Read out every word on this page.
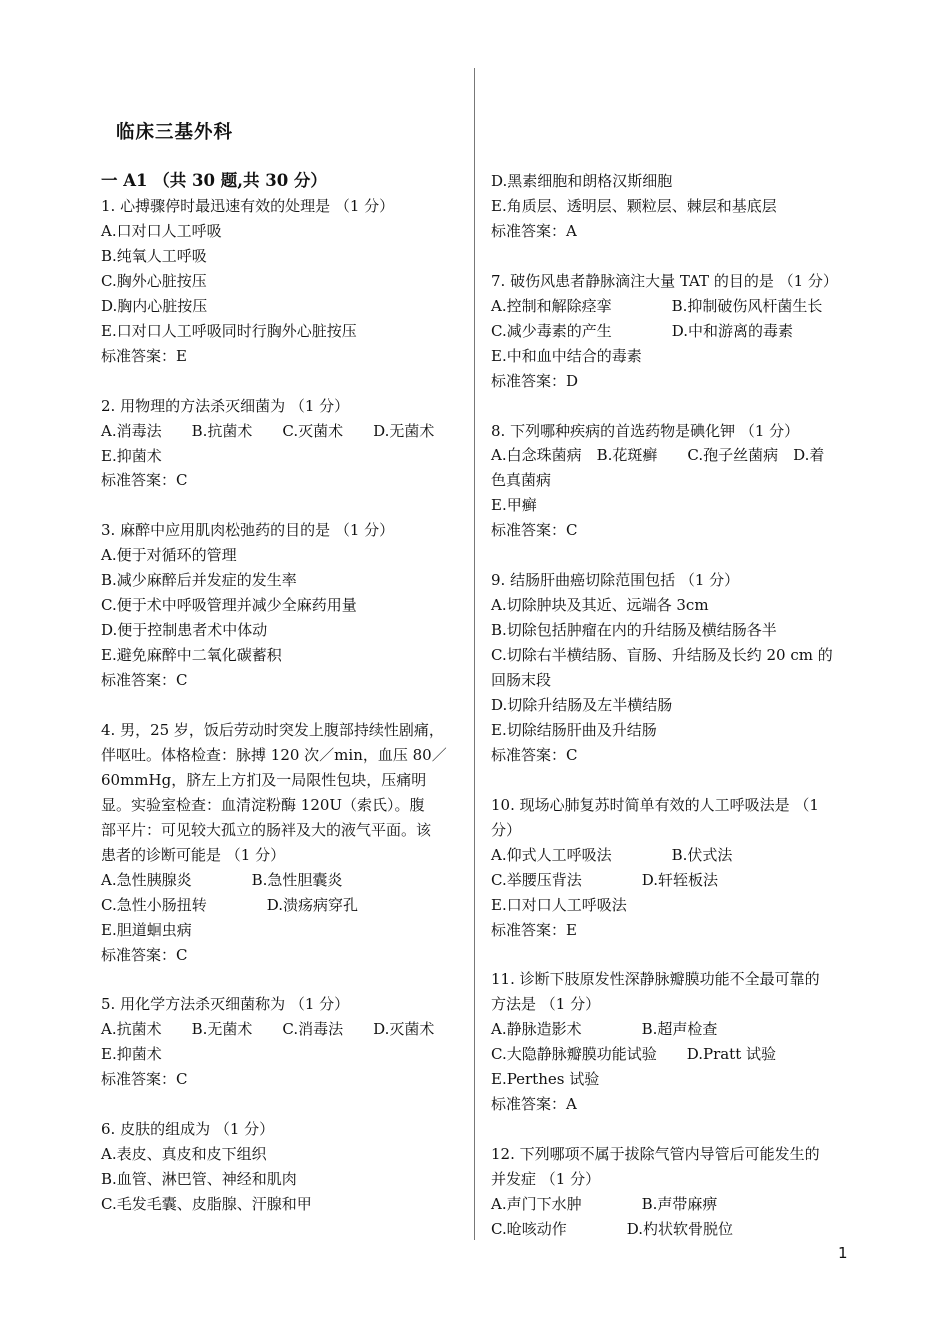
临床三基外科
一 A1 （共 30 题,共 30 分）
1. 心搏骤停时最迅速有效的处理是 （1 分）
A.口对口人工呼吸
B.纯氧人工呼吸
C.胸外心脏按压
D.胸内心脏按压
E.口对口人工呼吸同时行胸外心脏按压
标准答案：E
2. 用物理的方法杀灭细菌为 （1 分）
A.消毒法　　B.抗菌术　　C.灭菌术　　D.无菌术
E.抑菌术
标准答案：C
3. 麻醉中应用肌肉松弛药的目的是 （1 分）
A.便于对循环的管理
B.减少麻醉后并发症的发生率
C.便于术中呼吸管理并减少全麻药用量
D.便于控制患者术中体动
E.避免麻醉中二氧化碳蓄积
标准答案：C
4. 男，25 岁，饭后劳动时突发上腹部持续性剧痛，
伴呕吐。体格检查：脉搏 120 次／min，血压 80／
60mmHg，脐左上方扪及一局限性包块，压痛明
显。实验室检查：血清淀粉酶 120U（索氏）。腹
部平片：可见较大孤立的肠袢及大的液气平面。该
患者的诊断可能是 （1 分）
A.急性胰腺炎　　　　B.急性胆囊炎
C.急性小肠扭转　　　　D.溃疡病穿孔
E.胆道蛔虫病
标准答案：C
5. 用化学方法杀灭细菌称为 （1 分）
A.抗菌术　　B.无菌术　　C.消毒法　　D.灭菌术
E.抑菌术
标准答案：C
6. 皮肤的组成为 （1 分）
A.表皮、真皮和皮下组织
B.血管、淋巴管、神经和肌肉
C.毛发毛囊、皮脂腺、汗腺和甲
D.黑素细胞和朗格汉斯细胞
E.角质层、透明层、颗粒层、棘层和基底层
标准答案：A
7. 破伤风患者静脉滴注大量 TAT 的目的是 （1 分）
A.控制和解除痉挛　　　　B.抑制破伤风杆菌生长
C.减少毒素的产生　　　　D.中和游离的毒素
E.中和血中结合的毒素
标准答案：D
8. 下列哪种疾病的首选药物是碘化钾 （1 分）
A.白念珠菌病　B.花斑癣　　C.孢子丝菌病　D.着
色真菌病
E.甲癣
标准答案：C
9. 结肠肝曲癌切除范围包括 （1 分）
A.切除肿块及其近、远端各 3cm
B.切除包括肿瘤在内的升结肠及横结肠各半
C.切除右半横结肠、盲肠、升结肠及长约 20 cm 的
回肠末段
D.切除升结肠及左半横结肠
E.切除结肠肝曲及升结肠
标准答案：C
10. 现场心肺复苏时简单有效的人工呼吸法是 （1
分）
A.仰式人工呼吸法　　　　B.伏式法
C.举腰压背法　　　　D.轩轾板法
E.口对口人工呼吸法
标准答案：E
11. 诊断下肢原发性深静脉瓣膜功能不全最可靠的
方法是 （1 分）
A.静脉造影术　　　　B.超声检查
C.大隐静脉瓣膜功能试验　　D.Pratt 试验
E.Perthes 试验
标准答案：A
12. 下列哪项不属于拔除气管内导管后可能发生的
并发症 （1 分）
A.声门下水肿　　　　B.声带麻痹
C.呛咳动作　　　　D.杓状软骨脱位
1
